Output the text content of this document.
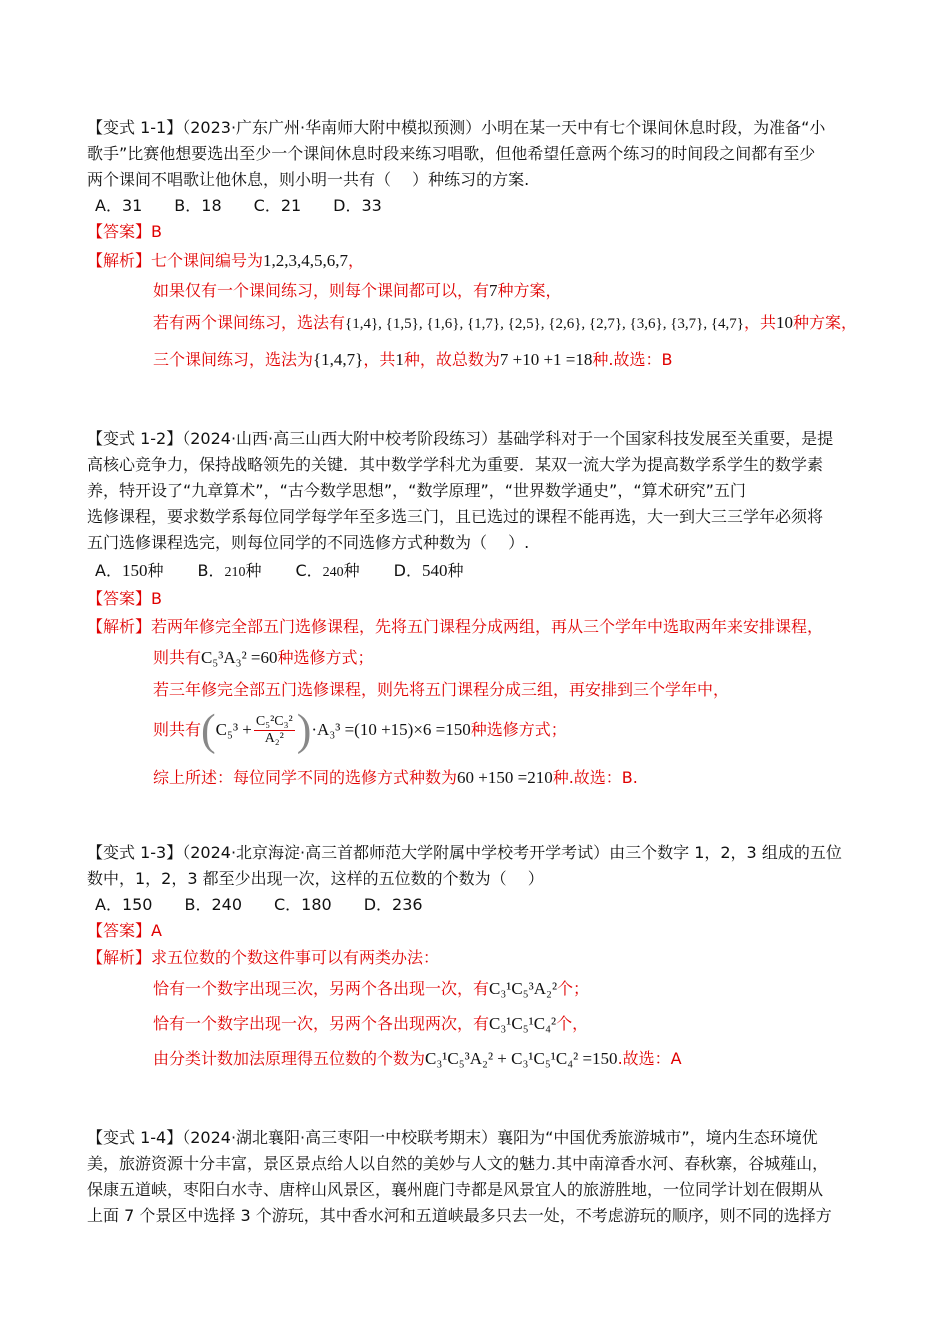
【变式 1-1】（2023·广东广州·华南师大附中模拟预测）小明在某一天中有七个课间休息时段，为准备“小
歌手”比赛他想要选出至少一个课间休息时段来练习唱歌，但他希望任意两个练习的时间段之间都有至少
两个课间不唱歌让他休息，则小明一共有（　 ）种练习的方案.
A．31　　B．18　　C．21　　D．33
【答案】B
【解析】七个课间编号为1,2,3,4,5,6,7，
如果仅有一个课间练习，则每个课间都可以，有7种方案，
若有两个课间练习，选法有{1,4}, {1,5}, {1,6}, {1,7}, {2,5}, {2,6}, {2,7}, {3,6}, {3,7}, {4,7}，共10种方案，
三个课间练习，选法为{1,4,7}，共1种，故总数为7 +10 +1 =18种.故选：B
【变式 1-2】（2024·山西·高三山西大附中校考阶段练习）基础学科对于一个国家科技发展至关重要，是提
高核心竞争力，保持战略领先的关键．其中数学学科尤为重要．某双一流大学为提高数学系学生的数学素
养，特开设了“九章算术”，“古今数学思想”，“数学原理”，“世界数学通史”，“算术研究”五门
选修课程，要求数学系每位同学每学年至多选三门，且已选过的课程不能再选，大一到大三三学年必须将
五门选修课程选完，则每位同学的不同选修方式种数为（　 ）.
A．150种 B．210种 C．240种 D．540种
【答案】B
【解析】若两年修完全部五门选修课程，先将五门课程分成两组，再从三个学年中选取两年来安排课程，
则共有C₅³A₃² =60种选修方式；
若三年修完全部五门选修课程，则先将五门课程分成三组，再安排到三个学年中，
则共有$(C_5^3 + \frac{\text{C₅²C₃²}}{\text{A₂²}} )\cdot A_3^3 =(10 +15)\times 6 =150$种选修方式；
综上所述：每位同学不同的选修方式种数为60 +150 =210种.故选：B.
【变式 1-3】（2024·北京海淀·高三首都师范大学附属中学校考开学考试）由三个数字 1，2，3 组成的五位
数中，1，2，3 都至少出现一次，这样的五位数的个数为（　 ）
A．150　　B．240　　C．180　　D．236
【答案】A
【解析】求五位数的个数这件事可以有两类办法：
恰有一个数字出现三次，另两个各出现一次，有C₃¹C₅³A₂²个；
恰有一个数字出现一次，另两个各出现两次，有C₃¹C₅¹C₄²个，
由分类计数加法原理得五位数的个数为C₃¹C₅³A₂² + C₃¹C₅¹C₄² =150.故选：A
【变式 1-4】（2024·湖北襄阳·高三枣阳一中校联考期末）襄阳为“中国优秀旅游城市”，境内生态环境优
美，旅游资源十分丰富，景区景点给人以自然的美妙与人文的魅力.其中南漳香水河、春秋寨，谷城薤山，
保康五道峡，枣阳白水寺、唐梓山风景区，襄州鹿门寺都是风景宜人的旅游胜地，一位同学计划在假期从
上面 7 个景区中选择 3 个游玩，其中香水河和五道峡最多只去一处，不考虑游玩的顺序，则不同的选择方
